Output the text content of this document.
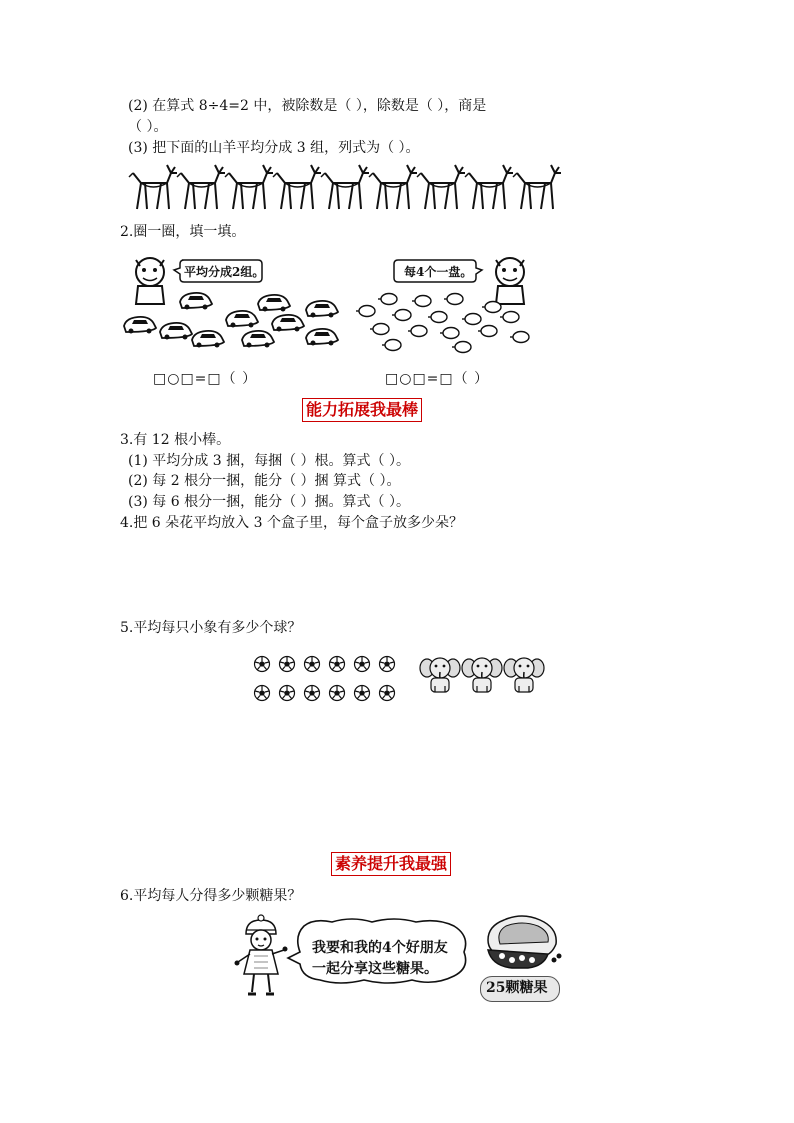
(2) 在算式 8÷4=2 中，被除数是（ ），除数是（ ），商是
（ ）。
(3) 把下面的山羊平均分成 3 组，列式为（ ）。
2.圈一圈，填一填。
平均分成2组。	每4个一盘。
□○□=□（ ）	□○□=□（ ）
能力拓展我最棒
3.有 12 根小棒。
(1) 平均分成 3 捆，每捆（ ）根。算式（ ）。
(2) 每 2 根分一捆，能分（ ）捆 算式（ ）。
(3) 每 6 根分一捆，能分（ ）捆。算式（ ）。
4.把 6 朵花平均放入 3 个盒子里，每个盒子放多少朵？
5.平均每只小象有多少个球？
素养提升我最强
6.平均每人分得多少颗糖果？
我要和我的4个好朋友
一起分享这些糖果。
25颗糖果
